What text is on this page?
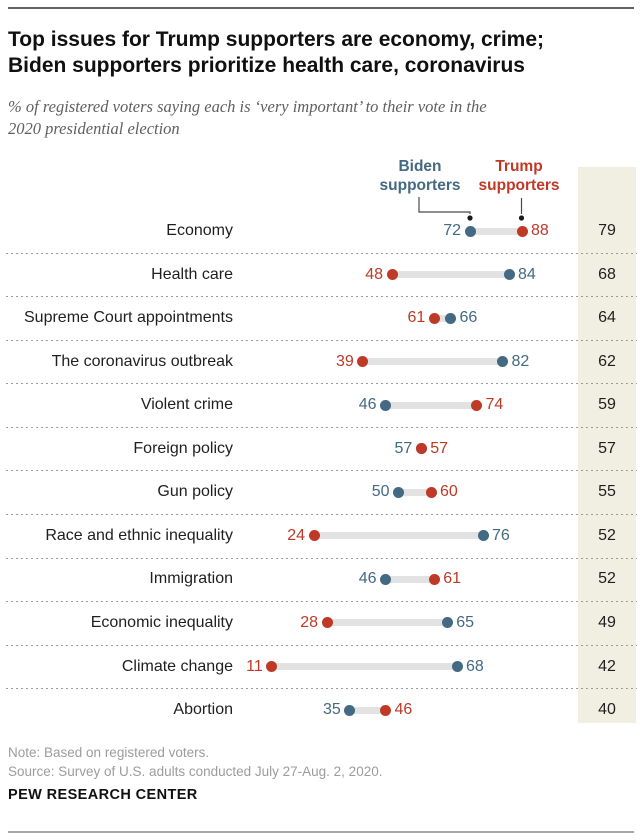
Top issues for Trump supporters are economy, crime;
Biden supporters prioritize health care, coronavirus
% of registered voters saying each is ‘very important’ to their vote in the
2020 presidential election
Biden
supporters
Trump
supporters
Economy	72	88	79
Health care	48	84	68
Supreme Court appointments	61 66	64
The coronavirus outbreak	39	82	62
Violent crime	46	74	59
Foreign policy	57 57	57
Gun policy	50	60	55
Race and ethnic inequality	24	76	52
Immigration	46	61	52
Economic inequality	28	65	49
Climate change 11	68	42
Abortion	35	46	40
Note: Based on registered voters.
Source: Survey of U.S. adults conducted July 27-Aug. 2, 2020.
PEW RESEARCH CENTER
